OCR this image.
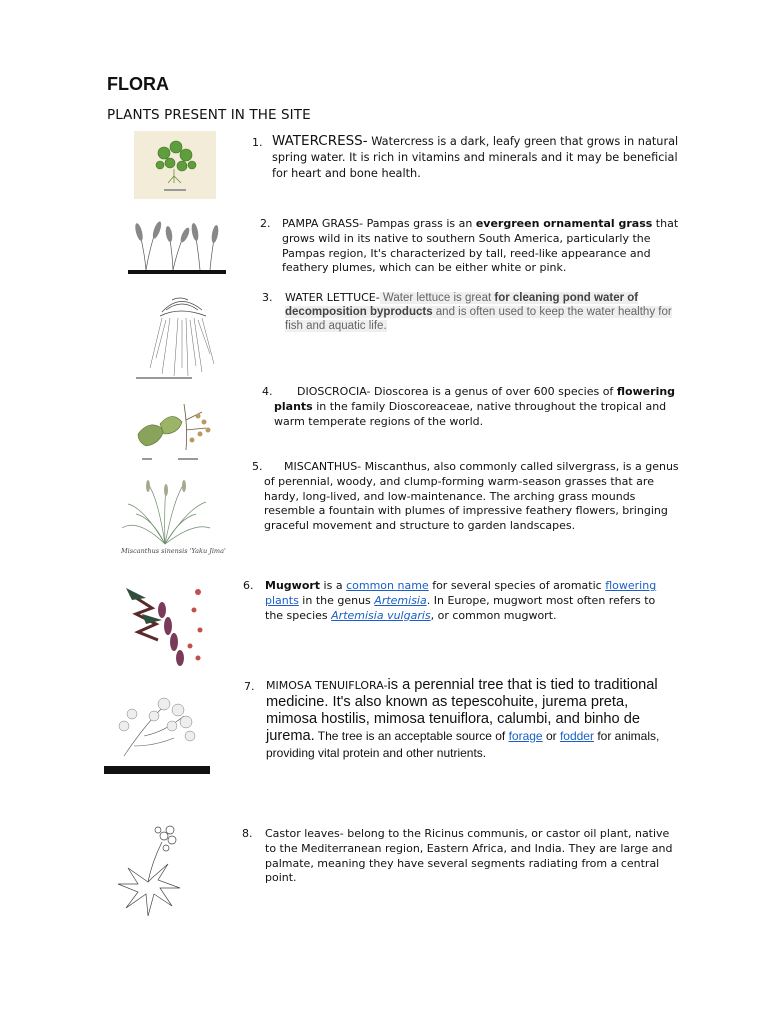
FLORA
PLANTS PRESENT IN THE SITE
Miscanthus sinensis 'Yaku Jima'
1. WATERCRESS- Watercress is a dark, leafy green that grows in natural spring water. It is rich in vitamins and minerals and it may be beneficial for heart and bone health.
2.	PAMPA GRASS- Pampas grass is an evergreen ornamental grass that grows wild in its native to southern South America, particularly the Pampas region, It's characterized by tall, reed-like appearance and feathery plumes, which can be either white or pink.
3.	WATER LETTUCE- Water lettuce is great for cleaning pond water of decomposition byproducts and is often used to keep the water healthy for fish and aquatic life.
4.	DIOSCROCIA- Dioscorea is a genus of over 600 species of flowering plants in the family Dioscoreaceae, native throughout the tropical and warm temperate regions of the world.
5.	MISCANTHUS- Miscanthus, also commonly called silvergrass, is a genus of perennial, woody, and clump-forming warm-season grasses that are hardy, long-lived, and low-maintenance. The arching grass mounds resemble a fountain with plumes of impressive feathery flowers, bringing graceful movement and structure to garden landscapes.
6.	Mugwort is a common name for several species of aromatic flowering plants in the genus Artemisia. In Europe, mugwort most often refers to the species Artemisia vulgaris, or common mugwort.
7.	MIMOSA TENUIFLORA-is a perennial tree that is tied to traditional medicine. It's also known as tepescohuite, jurema preta, mimosa hostilis, mimosa tenuiflora, calumbi, and binho de jurema. The tree is an acceptable source of forage or fodder for animals, providing vital protein and other nutrients.
8.	Castor leaves- belong to the Ricinus communis, or castor oil plant, native to the Mediterranean region, Eastern Africa, and India. They are large and palmate, meaning they have several segments radiating from a central point.
